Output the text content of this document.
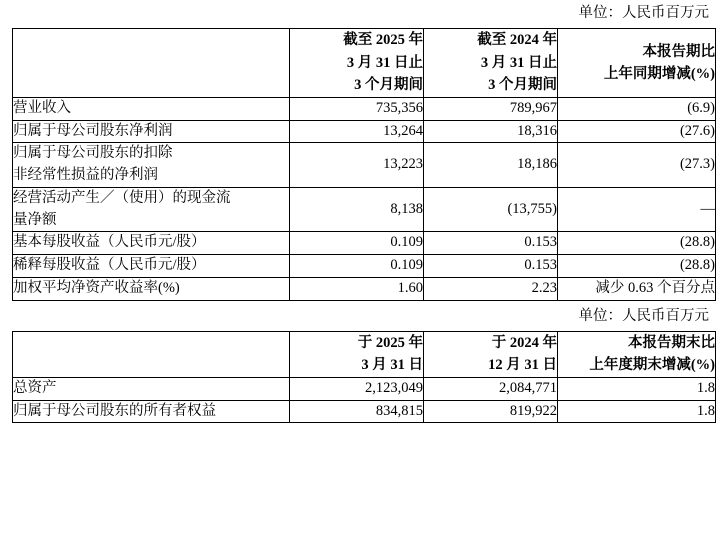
单位：人民币百万元

	截至 2025 年
3 月 31 日止
3 个月期间	截至 2024 年
3 月 31 日止
3 个月期间	本报告期比
上年同期增减(%)

营业收入	735,356	789,967	(6.9)
归属于母公司股东净利润	13,264	18,316	(27.6)
归属于母公司股东的扣除
非经常性损益的净利润	13,223	18,186	(27.3)
经营活动产生／（使用）的现金流
量净额	8,138	(13,755)	—
基本每股收益（人民币元/股）	0.109	0.153	(28.8)
稀释每股收益（人民币元/股）	0.109	0.153	(28.8)
加权平均净资产收益率(%)	1.60	2.23	减少 0.63 个百分点
单位：人民币百万元

	于 2025 年
3 月 31 日	于 2024 年
12 月 31 日	本报告期末比
上年度期末增减(%)

总资产	2,123,049	2,084,771	1.8
归属于母公司股东的所有者权益	834,815	819,922	1.8
